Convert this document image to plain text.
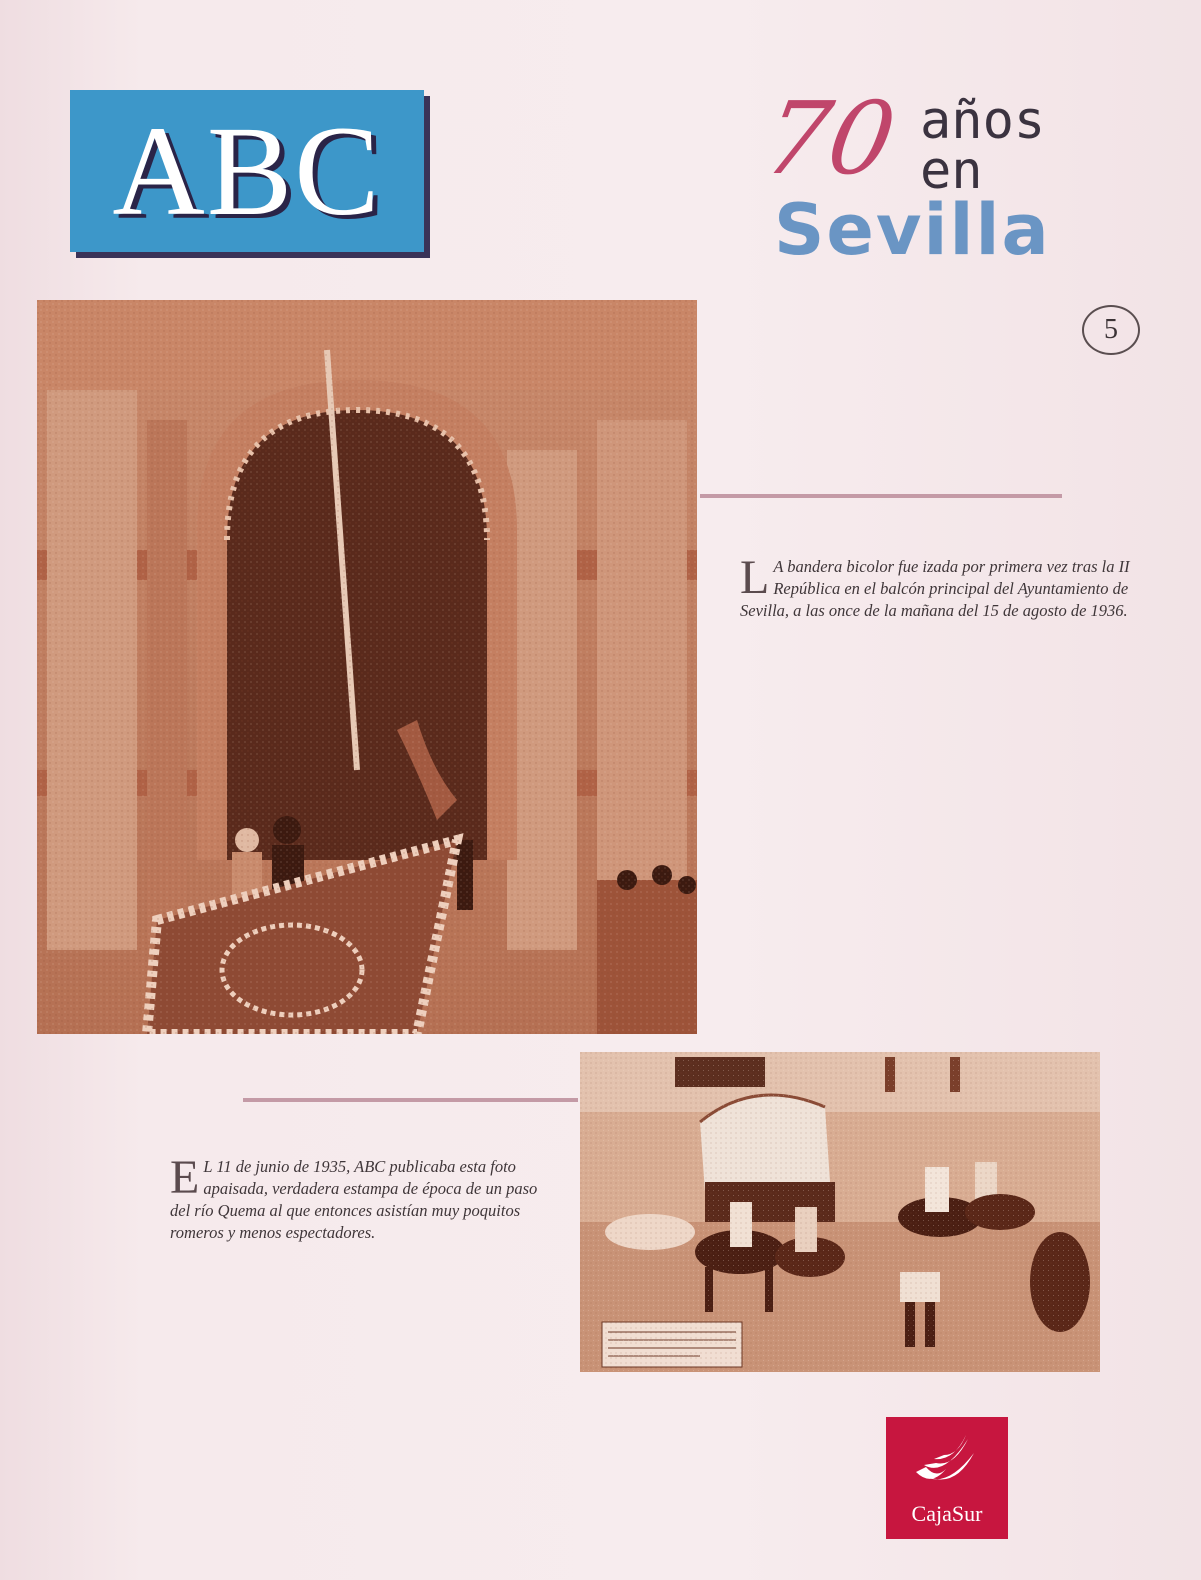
ABC	70 años
en
Sevilla
5
L A bandera bicolor fue izada por primera vez tras la II República en el balcón principal del Ayuntamiento de Sevilla, a las once de la mañana del 15 de agosto de 1936.
E L 11 de junio de 1935, ABC publicaba esta foto apaisada, verdadera estampa de época de un paso del río Quema al que entonces asistían muy poquitos romeros y menos espectadores.
CajaSur
